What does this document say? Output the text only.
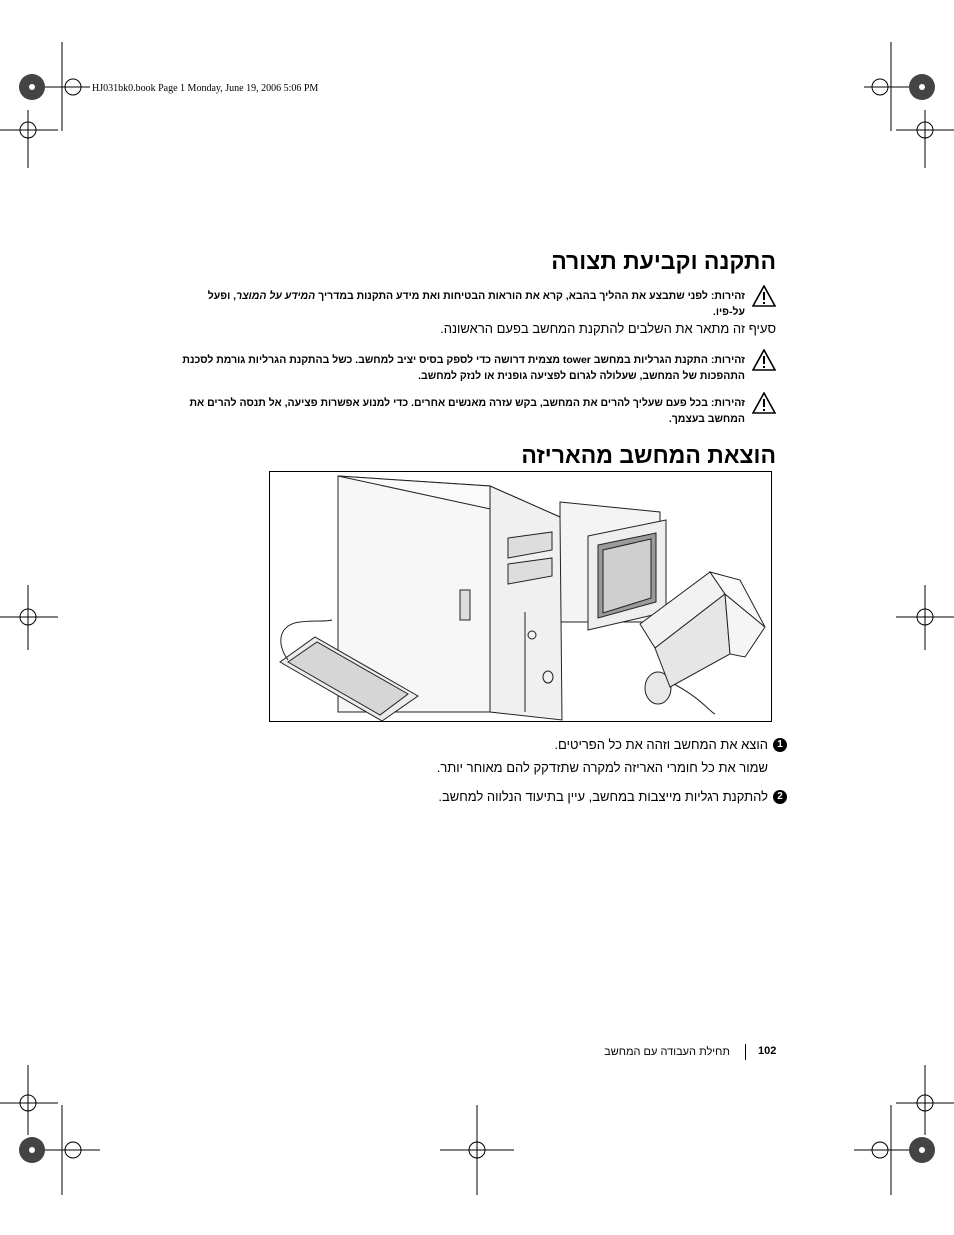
HJ031bk0.book Page 1 Monday, June 19, 2006 5:06 PM
התקנה וקביעת תצורה
זהירות: לפני שתבצע את ההליך בהבא, קרא את הוראות הבטיחות ואת מידע התקנות במדריך המידע על המוצר, ופעל על-פיו.
סעיף זה מתאר את השלבים להתקנת המחשב בפעם הראשונה.
זהירות: התקנת הגרליות במחשב tower מצמית דרושה כדי לספק בסיס יציב למחשב. כשל בהתקנת הגרליות גורמת לסכנת התהפכות של המחשב, שעלולה לגרום לפציעה גופנית או לנזק למחשב.
זהירות: בכל פעם שעליך להרים את המחשב, בקש עזרה מאנשים אחרים. כדי למנוע אפשרות פציעה, אל תנסה להרים את המחשב בעצמך.
הוצאת המחשב מהאריזה
1
הוצא את המחשב וזהה את כל הפריטים.
שמור את כל חומרי האריזה למקרה שתזדקק להם מאוחר יותר.
2
להתקנת רגליות מייצבות במחשב, עיין בתיעוד הנלווה למחשב.
102
תחילת העבודה עם המחשב
